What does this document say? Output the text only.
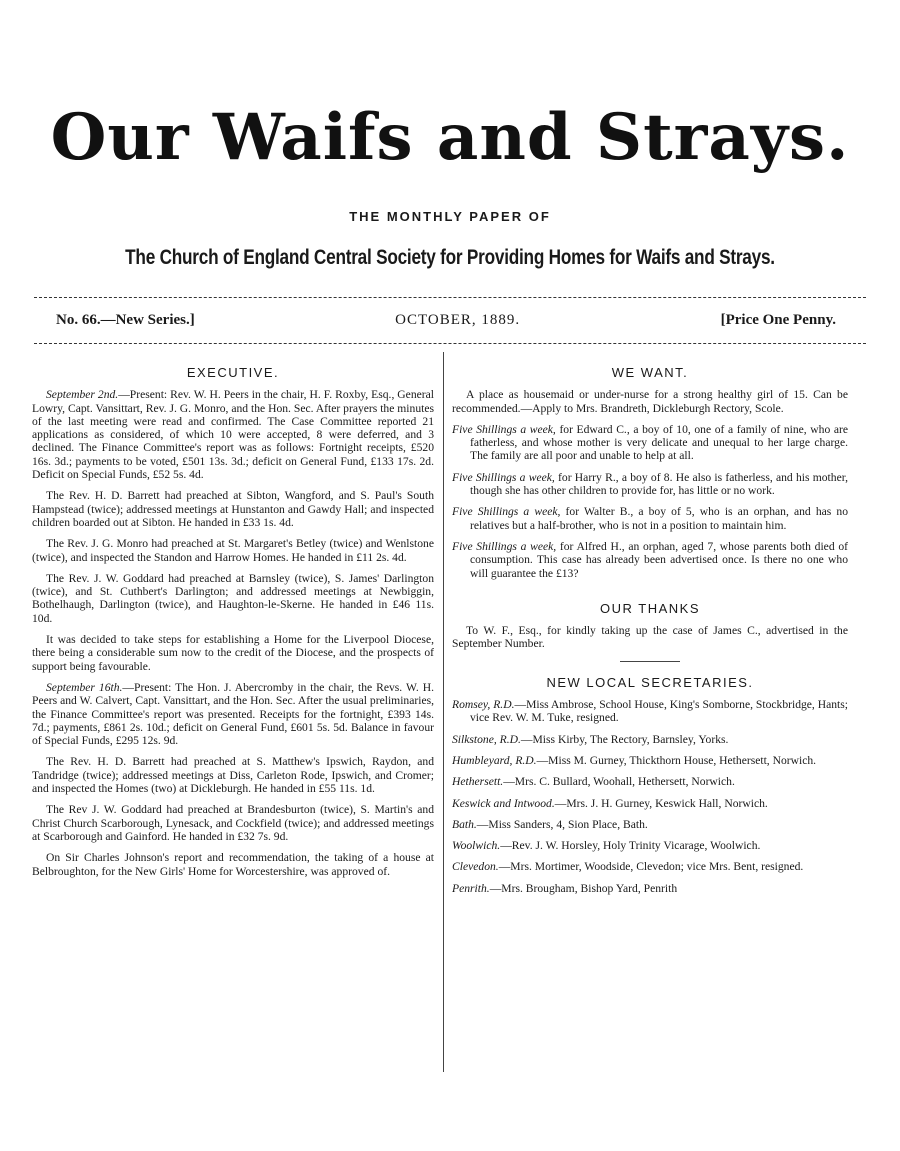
Our Waifs and Strays.
THE MONTHLY PAPER OF
The Church of England Central Society for Providing Homes for Waifs and Strays.
No. 66.—New Series.]	OCTOBER, 1889.	[Price One Penny.
EXECUTIVE.

September 2nd.—Present: Rev. W. H. Peers in the chair, H. F. Roxby, Esq., General Lowry, Capt. Vansittart, Rev. J. G. Monro, and the Hon. Sec. After prayers the minutes of the last meeting were read and confirmed. The Case Committee reported 21 applications as considered, of which 10 were accepted, 8 were deferred, and 3 declined. The Finance Committee's report was as follows: Fortnight receipts, £520 16s. 3d.; payments to be voted, £501 13s. 3d.; deficit on General Fund, £133 17s. 2d. Deficit on Special Funds, £52 5s. 4d.

The Rev. H. D. Barrett had preached at Sibton, Wangford, and S. Paul's South Hampstead (twice); addressed meetings at Hunstanton and Gawdy Hall; and inspected children boarded out at Sibton. He handed in £33 1s. 4d.

The Rev. J. G. Monro had preached at St. Margaret's Betley (twice) and Wenlstone (twice), and inspected the Standon and Harrow Homes. He handed in £11 2s. 4d.

The Rev. J. W. Goddard had preached at Barnsley (twice), S. James' Darlington (twice), and St. Cuthbert's Darlington; and addressed meetings at Newbiggin, Bothelhaugh, Darlington (twice), and Haughton-le-Skerne. He handed in £46 11s. 10d.

It was decided to take steps for establishing a Home for the Liverpool Diocese, there being a considerable sum now to the credit of the Diocese, and the prospects of support being favourable.

September 16th.—Present: The Hon. J. Abercromby in the chair, the Revs. W. H. Peers and W. Calvert, Capt. Vansittart, and the Hon. Sec. After the usual preliminaries, the Finance Committee's report was presented. Receipts for the fortnight, £393 14s. 7d.; payments, £861 2s. 10d.; deficit on General Fund, £601 5s. 5d. Balance in favour of Special Funds, £295 12s. 9d.

The Rev. H. D. Barrett had preached at S. Matthew's Ipswich, Raydon, and Tandridge (twice); addressed meetings at Diss, Carleton Rode, Ipswich, and Cromer; and inspected the Homes (two) at Dickleburgh. He handed in £55 11s. 1d.

The Rev J. W. Goddard had preached at Brandesburton (twice), S. Martin's and Christ Church Scarborough, Lynesack, and Cockfield (twice); and addressed meetings at Scarborough and Gainford. He handed in £32 7s. 9d.

On Sir Charles Johnson's report and recommendation, the taking of a house at Belbroughton, for the New Girls' Home for Worcestershire, was approved of.

WE WANT.

A place as housemaid or under-nurse for a strong healthy girl of 15. Can be recommended.—Apply to Mrs. Brandreth, Dickleburgh Rectory, Scole.

Five Shillings a week, for Edward C., a boy of 10, one of a family of nine, who are fatherless, and whose mother is very delicate and unequal to her large charge. The family are all poor and unable to help at all.

Five Shillings a week, for Harry R., a boy of 8. He also is fatherless, and his mother, though she has other children to provide for, has little or no work.

Five Shillings a week, for Walter B., a boy of 5, who is an orphan, and has no relatives but a half-brother, who is not in a position to maintain him.

Five Shillings a week, for Alfred H., an orphan, aged 7, whose parents both died of consumption. This case has already been advertised once. Is there no one who will guarantee the £13?

OUR THANKS

To W. F., Esq., for kindly taking up the case of James C., advertised in the September Number.

NEW LOCAL SECRETARIES.

Romsey, R.D.—Miss Ambrose, School House, King's Somborne, Stockbridge, Hants; vice Rev. W. M. Tuke, resigned.

Silkstone, R.D.—Miss Kirby, The Rectory, Barnsley, Yorks.

Humbleyard, R.D.—Miss M. Gurney, Thickthorn House, Hethersett, Norwich.

Hethersett.—Mrs. C. Bullard, Woohall, Hethersett, Norwich.

Keswick and Intwood.—Mrs. J. H. Gurney, Keswick Hall, Norwich.

Bath.—Miss Sanders, 4, Sion Place, Bath.

Woolwich.—Rev. J. W. Horsley, Holy Trinity Vicarage, Woolwich.

Clevedon.—Mrs. Mortimer, Woodside, Clevedon; vice Mrs. Bent, resigned.

Penrith.—Mrs. Brougham, Bishop Yard, Penrith
